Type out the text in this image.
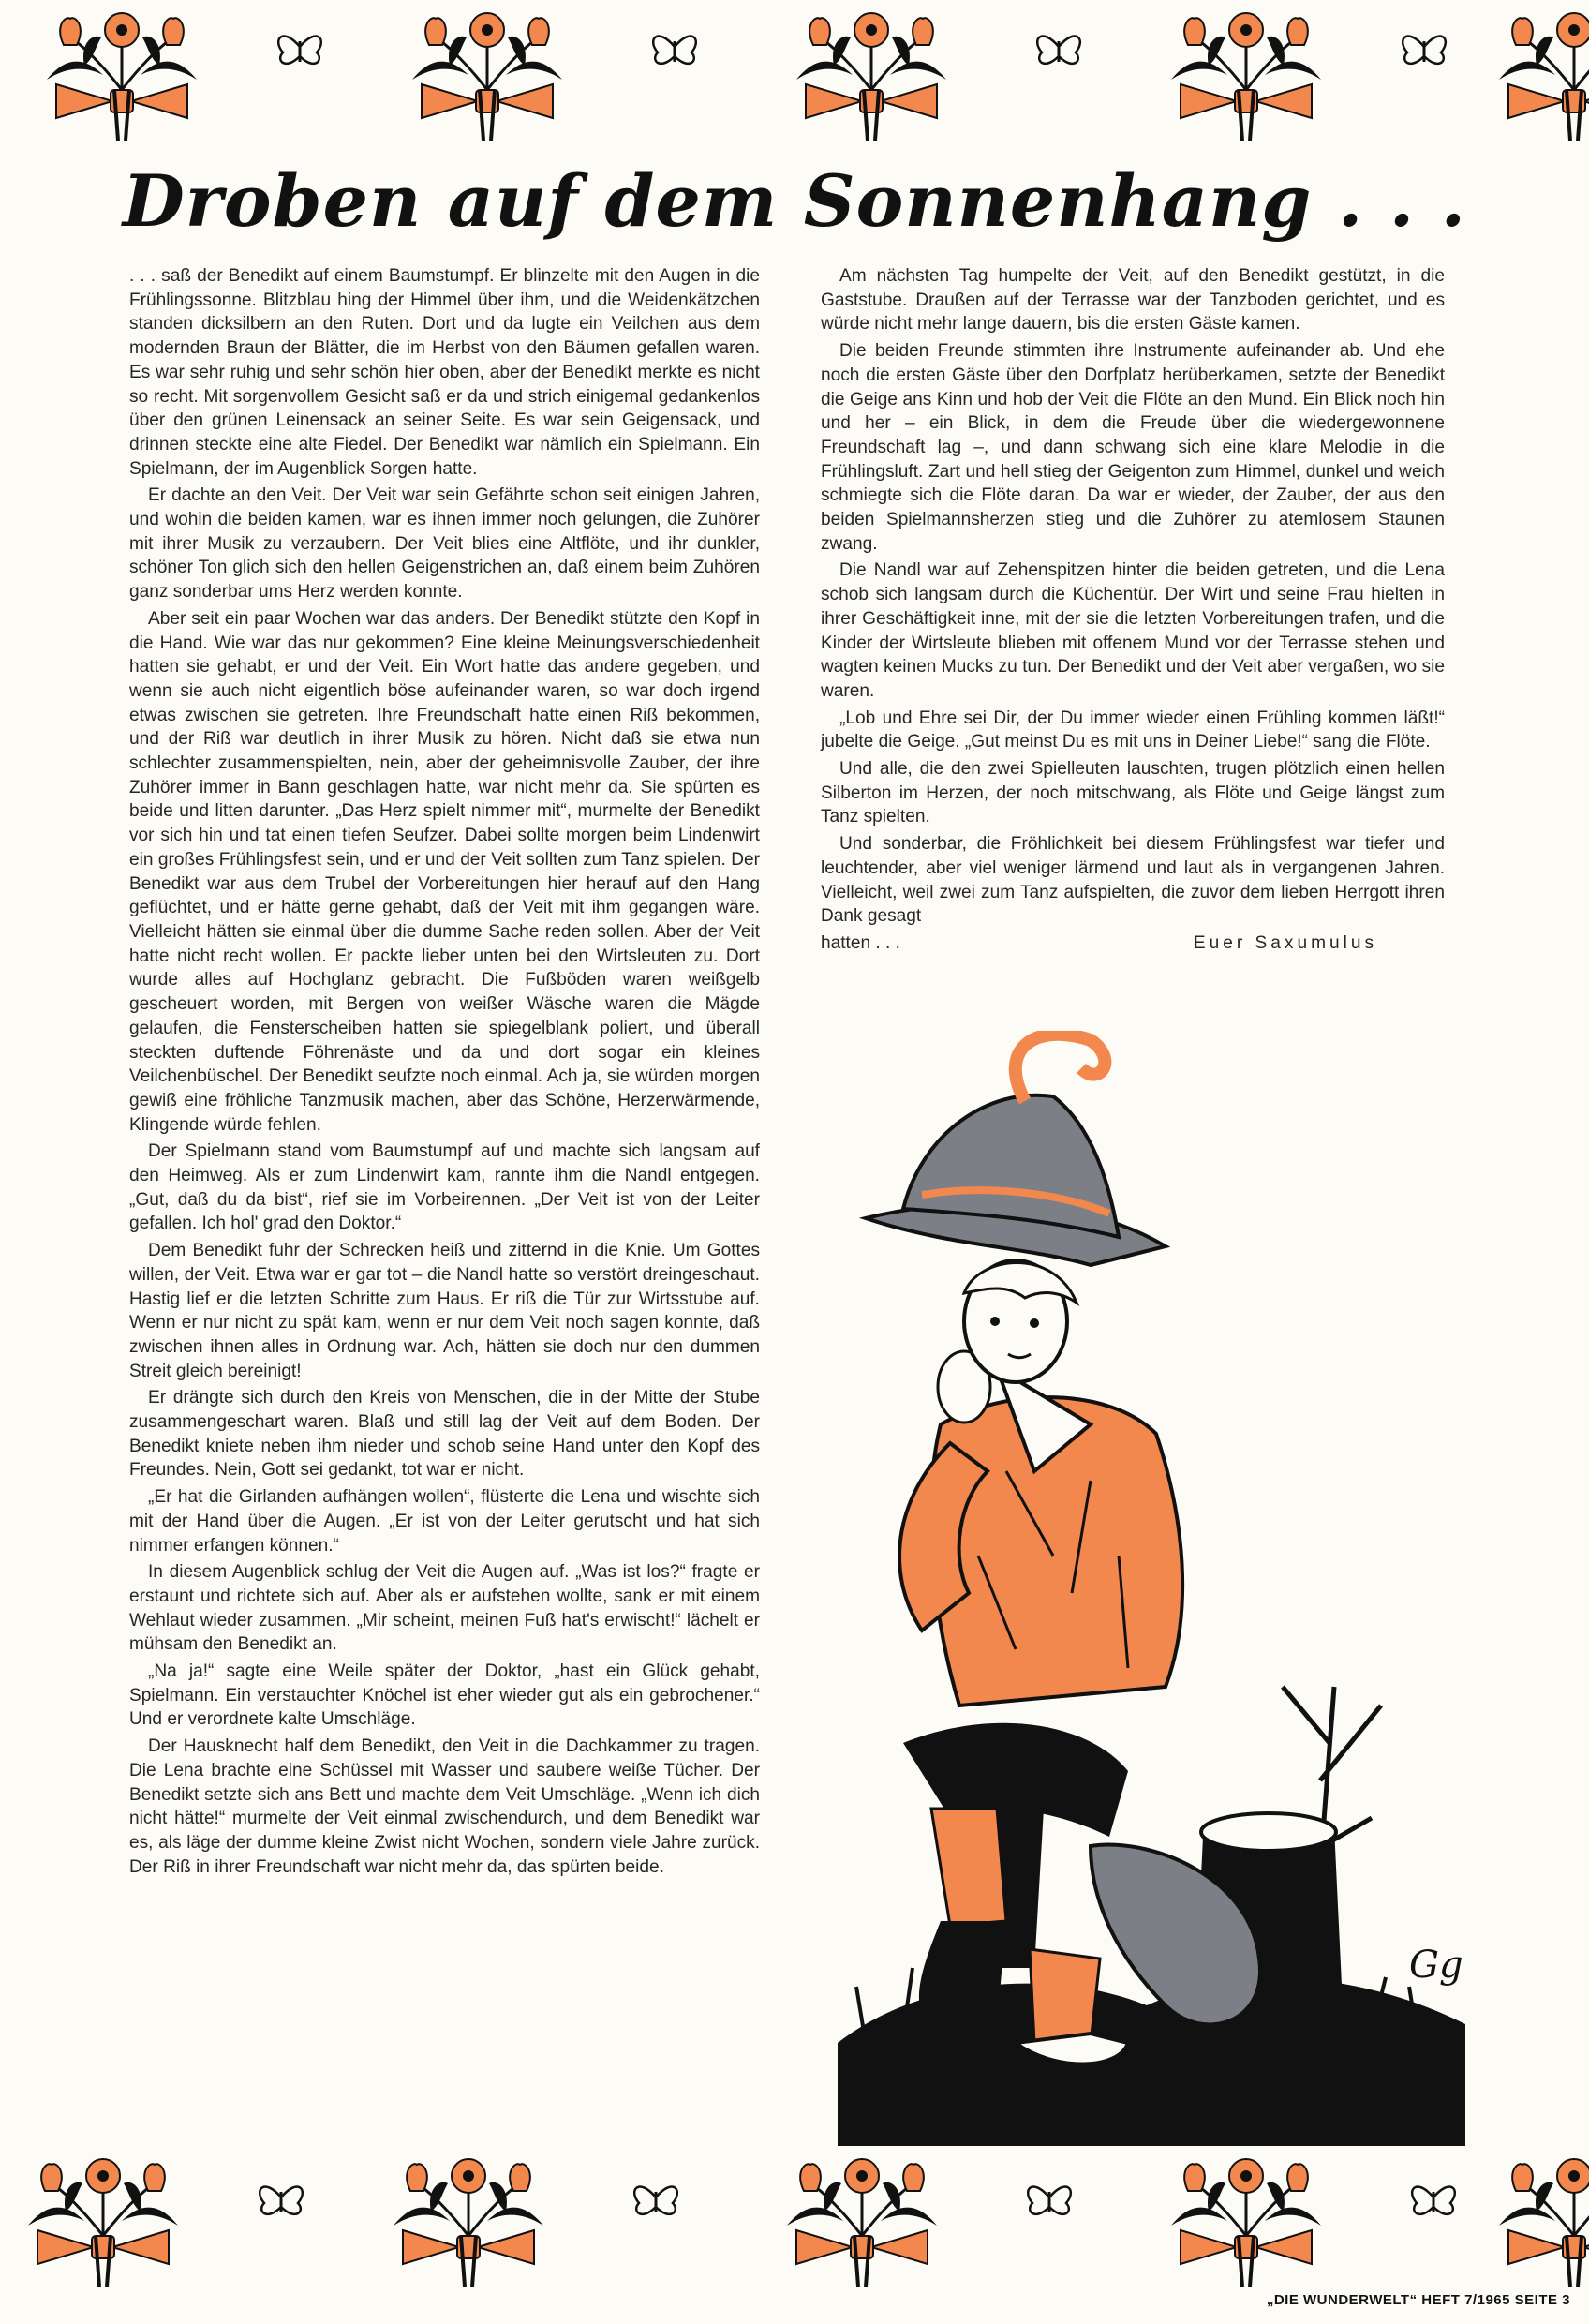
Droben auf dem Sonnenhang . . .

. . . saß der Benedikt auf einem Baumstumpf. Er blinzelte mit den Augen in die Frühlingssonne. Blitzblau hing der Himmel über ihm, und die Weidenkätzchen standen dicksilbern an den Ruten. Dort und da lugte ein Veilchen aus dem modernden Braun der Blätter, die im Herbst von den Bäumen gefallen waren. Es war sehr ruhig und sehr schön hier oben, aber der Benedikt merkte es nicht so recht. Mit sorgenvollem Gesicht saß er da und strich einigemal gedankenlos über den grünen Leinensack an seiner Seite. Es war sein Geigensack, und drinnen steckte eine alte Fiedel. Der Benedikt war nämlich ein Spielmann. Ein Spielmann, der im Augenblick Sorgen hatte.

Er dachte an den Veit. Der Veit war sein Gefährte schon seit einigen Jahren, und wohin die beiden kamen, war es ihnen immer noch gelungen, die Zuhörer mit ihrer Musik zu verzaubern. Der Veit blies eine Altflöte, und ihr dunkler, schöner Ton glich sich den hellen Geigenstrichen an, daß einem beim Zuhören ganz sonderbar ums Herz werden konnte.

Aber seit ein paar Wochen war das anders. Der Benedikt stützte den Kopf in die Hand. Wie war das nur gekommen? Eine kleine Meinungsverschiedenheit hatten sie gehabt, er und der Veit. Ein Wort hatte das andere gegeben, und wenn sie auch nicht eigentlich böse aufeinander waren, so war doch irgend etwas zwischen sie getreten. Ihre Freundschaft hatte einen Riß bekommen, und der Riß war deutlich in ihrer Musik zu hören. Nicht daß sie etwa nun schlechter zusammenspielten, nein, aber der geheimnisvolle Zauber, der ihre Zuhörer immer in Bann geschlagen hatte, war nicht mehr da. Sie spürten es beide und litten darunter. „Das Herz spielt nimmer mit“, murmelte der Benedikt vor sich hin und tat einen tiefen Seufzer. Dabei sollte morgen beim Lindenwirt ein großes Frühlingsfest sein, und er und der Veit sollten zum Tanz spielen. Der Benedikt war aus dem Trubel der Vorbereitungen hier herauf auf den Hang geflüchtet, und er hätte gerne gehabt, daß der Veit mit ihm gegangen wäre. Vielleicht hätten sie einmal über die dumme Sache reden sollen. Aber der Veit hatte nicht recht wollen. Er packte lieber unten bei den Wirtsleuten zu. Dort wurde alles auf Hochglanz gebracht. Die Fußböden waren weißgelb gescheuert worden, mit Bergen von weißer Wäsche waren die Mägde gelaufen, die Fensterscheiben hatten sie spiegelblank poliert, und überall steckten duftende Föhrenäste und da und dort sogar ein kleines Veilchenbüschel. Der Benedikt seufzte noch einmal. Ach ja, sie würden morgen gewiß eine fröhliche Tanzmusik machen, aber das Schöne, Herzerwärmende, Klingende würde fehlen.

Der Spielmann stand vom Baumstumpf auf und machte sich langsam auf den Heimweg. Als er zum Lindenwirt kam, rannte ihm die Nandl entgegen. „Gut, daß du da bist“, rief sie im Vorbeirennen. „Der Veit ist von der Leiter gefallen. Ich hol' grad den Doktor.“

Dem Benedikt fuhr der Schrecken heiß und zitternd in die Knie. Um Gottes willen, der Veit. Etwa war er gar tot – die Nandl hatte so verstört dreingeschaut. Hastig lief er die letzten Schritte zum Haus. Er riß die Tür zur Wirtsstube auf. Wenn er nur nicht zu spät kam, wenn er nur dem Veit noch sagen konnte, daß zwischen ihnen alles in Ordnung war. Ach, hätten sie doch nur den dummen Streit gleich bereinigt!

Er drängte sich durch den Kreis von Menschen, die in der Mitte der Stube zusammengeschart waren. Blaß und still lag der Veit auf dem Boden. Der Benedikt kniete neben ihm nieder und schob seine Hand unter den Kopf des Freundes. Nein, Gott sei gedankt, tot war er nicht.

„Er hat die Girlanden aufhängen wollen“, flüsterte die Lena und wischte sich mit der Hand über die Augen. „Er ist von der Leiter gerutscht und hat sich nimmer erfangen können.“

In diesem Augenblick schlug der Veit die Augen auf. „Was ist los?“ fragte er erstaunt und richtete sich auf. Aber als er aufstehen wollte, sank er mit einem Wehlaut wieder zusammen. „Mir scheint, meinen Fuß hat's erwischt!“ lächelt er mühsam den Benedikt an.

„Na ja!“ sagte eine Weile später der Doktor, „hast ein Glück gehabt, Spielmann. Ein verstauchter Knöchel ist eher wieder gut als ein gebrochener.“ Und er verordnete kalte Umschläge.

Der Hausknecht half dem Benedikt, den Veit in die Dachkammer zu tragen. Die Lena brachte eine Schüssel mit Wasser und saubere weiße Tücher. Der Benedikt setzte sich ans Bett und machte dem Veit Umschläge. „Wenn ich dich nicht hätte!“ murmelte der Veit einmal zwischendurch, und dem Benedikt war es, als läge der dumme kleine Zwist nicht Wochen, sondern viele Jahre zurück. Der Riß in ihrer Freundschaft war nicht mehr da, das spürten beide.

Am nächsten Tag humpelte der Veit, auf den Benedikt gestützt, in die Gaststube. Draußen auf der Terrasse war der Tanzboden gerichtet, und es würde nicht mehr lange dauern, bis die ersten Gäste kamen.

Die beiden Freunde stimmten ihre Instrumente aufeinander ab. Und ehe noch die ersten Gäste über den Dorfplatz herüberkamen, setzte der Benedikt die Geige ans Kinn und hob der Veit die Flöte an den Mund. Ein Blick noch hin und her – ein Blick, in dem die Freude über die wiedergewonnene Freundschaft lag –, und dann schwang sich eine klare Melodie in die Frühlingsluft. Zart und hell stieg der Geigenton zum Himmel, dunkel und weich schmiegte sich die Flöte daran. Da war er wieder, der Zauber, der aus den beiden Spielmannsherzen stieg und die Zuhörer zu atemlosem Staunen zwang.

Die Nandl war auf Zehenspitzen hinter die beiden getreten, und die Lena schob sich langsam durch die Küchentür. Der Wirt und seine Frau hielten in ihrer Geschäftigkeit inne, mit der sie die letzten Vorbereitungen trafen, und die Kinder der Wirtsleute blieben mit offenem Mund vor der Terrasse stehen und wagten keinen Mucks zu tun. Der Benedikt und der Veit aber vergaßen, wo sie waren.

„Lob und Ehre sei Dir, der Du immer wieder einen Frühling kommen läßt!“ jubelte die Geige. „Gut meinst Du es mit uns in Deiner Liebe!“ sang die Flöte.

Und alle, die den zwei Spielleuten lauschten, trugen plötzlich einen hellen Silberton im Herzen, der noch mitschwang, als Flöte und Geige längst zum Tanz spielten.

Und sonderbar, die Fröhlichkeit bei diesem Frühlingsfest war tiefer und leuchtender, aber viel weniger lärmend und laut als in vergangenen Jahren. Vielleicht, weil zwei zum Tanz aufspielten, die zuvor dem lieben Herrgott ihren Dank gesagt

hatten . . .	Euer Saxumulus
Gg
„DIE WUNDERWELT“ HEFT 7/1965 SEITE 3
